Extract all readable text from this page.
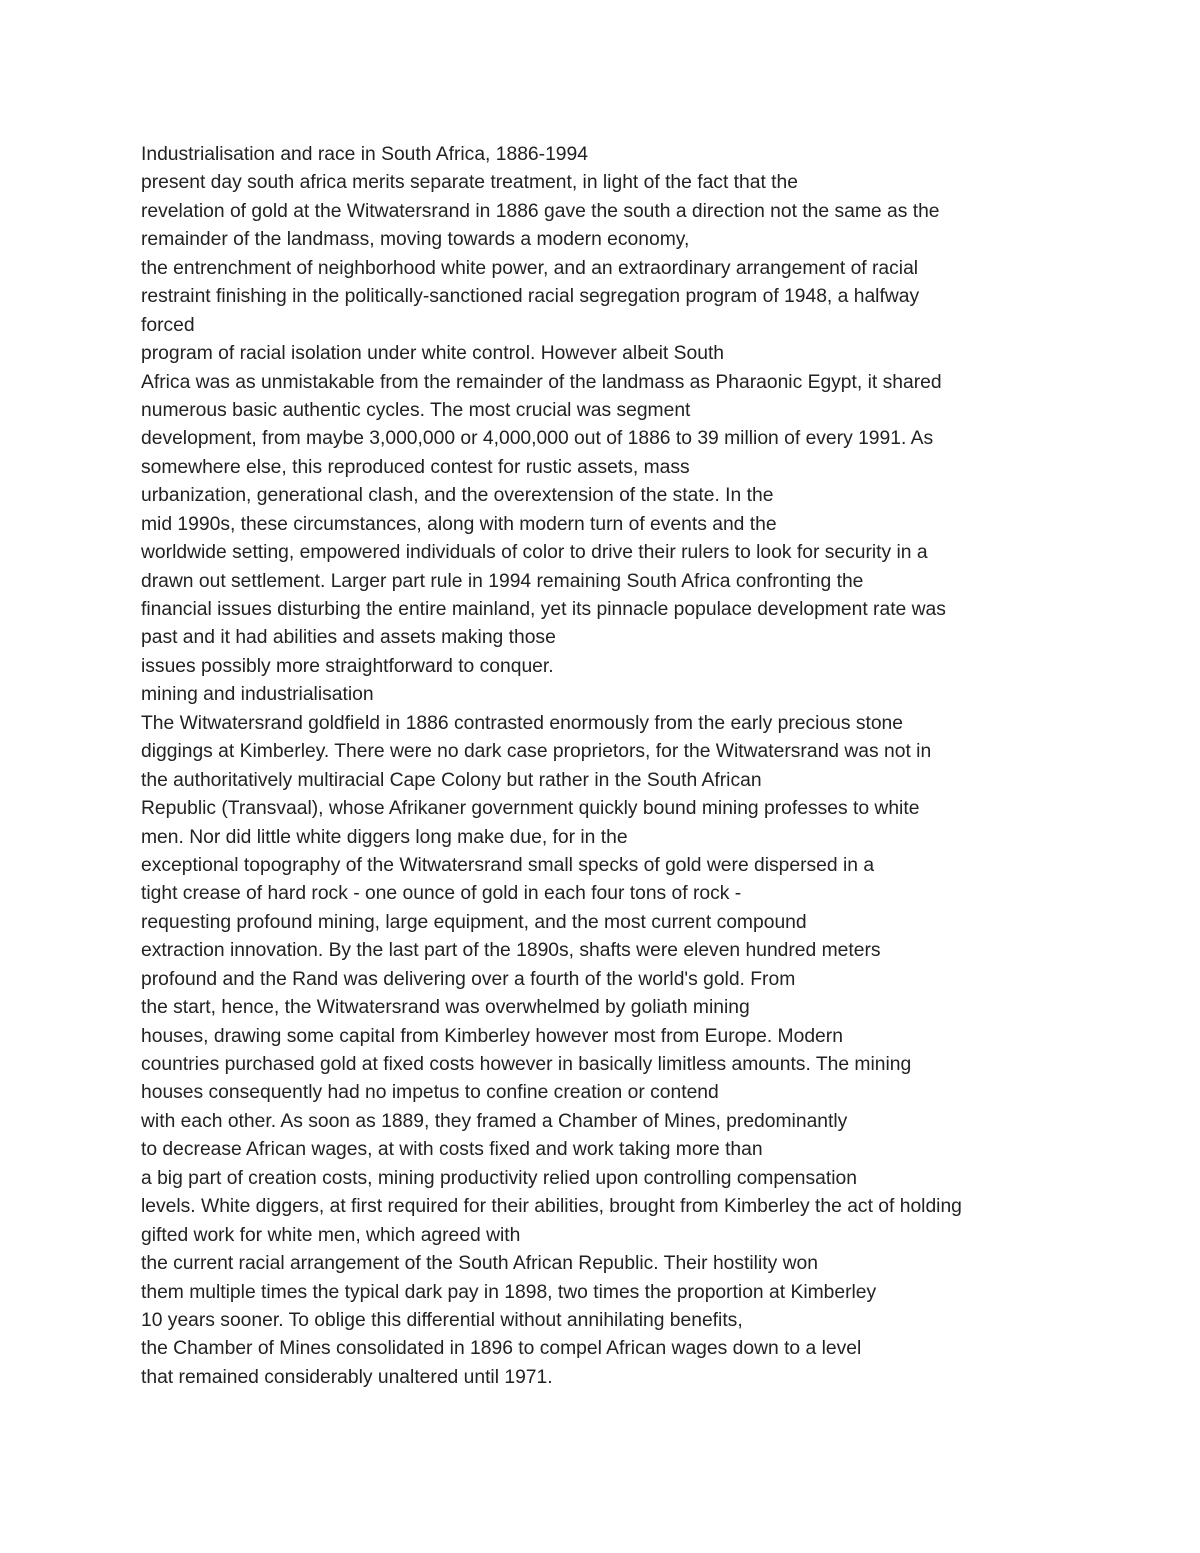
Industrialisation and race in South Africa, 1886-1994
present day south africa merits separate treatment, in light of the fact that the
revelation of gold at the Witwatersrand in 1886 gave the south a direction not the same as the
remainder of the landmass, moving towards a modern economy,
the entrenchment of neighborhood white power, and an extraordinary arrangement of racial
restraint finishing in the politically-sanctioned racial segregation program of 1948, a halfway
forced
program of racial isolation under white control. However albeit South
Africa was as unmistakable from the remainder of the landmass as Pharaonic Egypt, it shared
numerous basic authentic cycles. The most crucial was segment
development, from maybe 3,000,000 or 4,000,000 out of 1886 to 39 million of every 1991. As
somewhere else, this reproduced contest for rustic assets, mass
urbanization, generational clash, and the overextension of the state. In the
mid 1990s, these circumstances, along with modern turn of events and the
worldwide setting, empowered individuals of color to drive their rulers to look for security in a
drawn out settlement. Larger part rule in 1994 remaining South Africa confronting the
financial issues disturbing the entire mainland, yet its pinnacle populace development rate was
past and it had abilities and assets making those
issues possibly more straightforward to conquer.
mining and industrialisation
The Witwatersrand goldfield in 1886 contrasted enormously from the early precious stone
diggings at Kimberley. There were no dark case proprietors, for the Witwatersrand was not in
the authoritatively multiracial Cape Colony but rather in the South African
Republic (Transvaal), whose Afrikaner government quickly bound mining professes to white
men. Nor did little white diggers long make due, for in the
exceptional topography of the Witwatersrand small specks of gold were dispersed in a
tight crease of hard rock - one ounce of gold in each four tons of rock -
requesting profound mining, large equipment, and the most current compound
extraction innovation. By the last part of the 1890s, shafts were eleven hundred meters
profound and the Rand was delivering over a fourth of the world's gold. From
the start, hence, the Witwatersrand was overwhelmed by goliath mining
houses, drawing some capital from Kimberley however most from Europe. Modern
countries purchased gold at fixed costs however in basically limitless amounts. The mining
houses consequently had no impetus to confine creation or contend
with each other. As soon as 1889, they framed a Chamber of Mines, predominantly
to decrease African wages, at with costs fixed and work taking more than
a big part of creation costs, mining productivity relied upon controlling compensation
levels. White diggers, at first required for their abilities, brought from Kimberley the act of holding
gifted work for white men, which agreed with
the current racial arrangement of the South African Republic. Their hostility won
them multiple times the typical dark pay in 1898, two times the proportion at Kimberley
10 years sooner. To oblige this differential without annihilating benefits,
the Chamber of Mines consolidated in 1896 to compel African wages down to a level
that remained considerably unaltered until 1971.
